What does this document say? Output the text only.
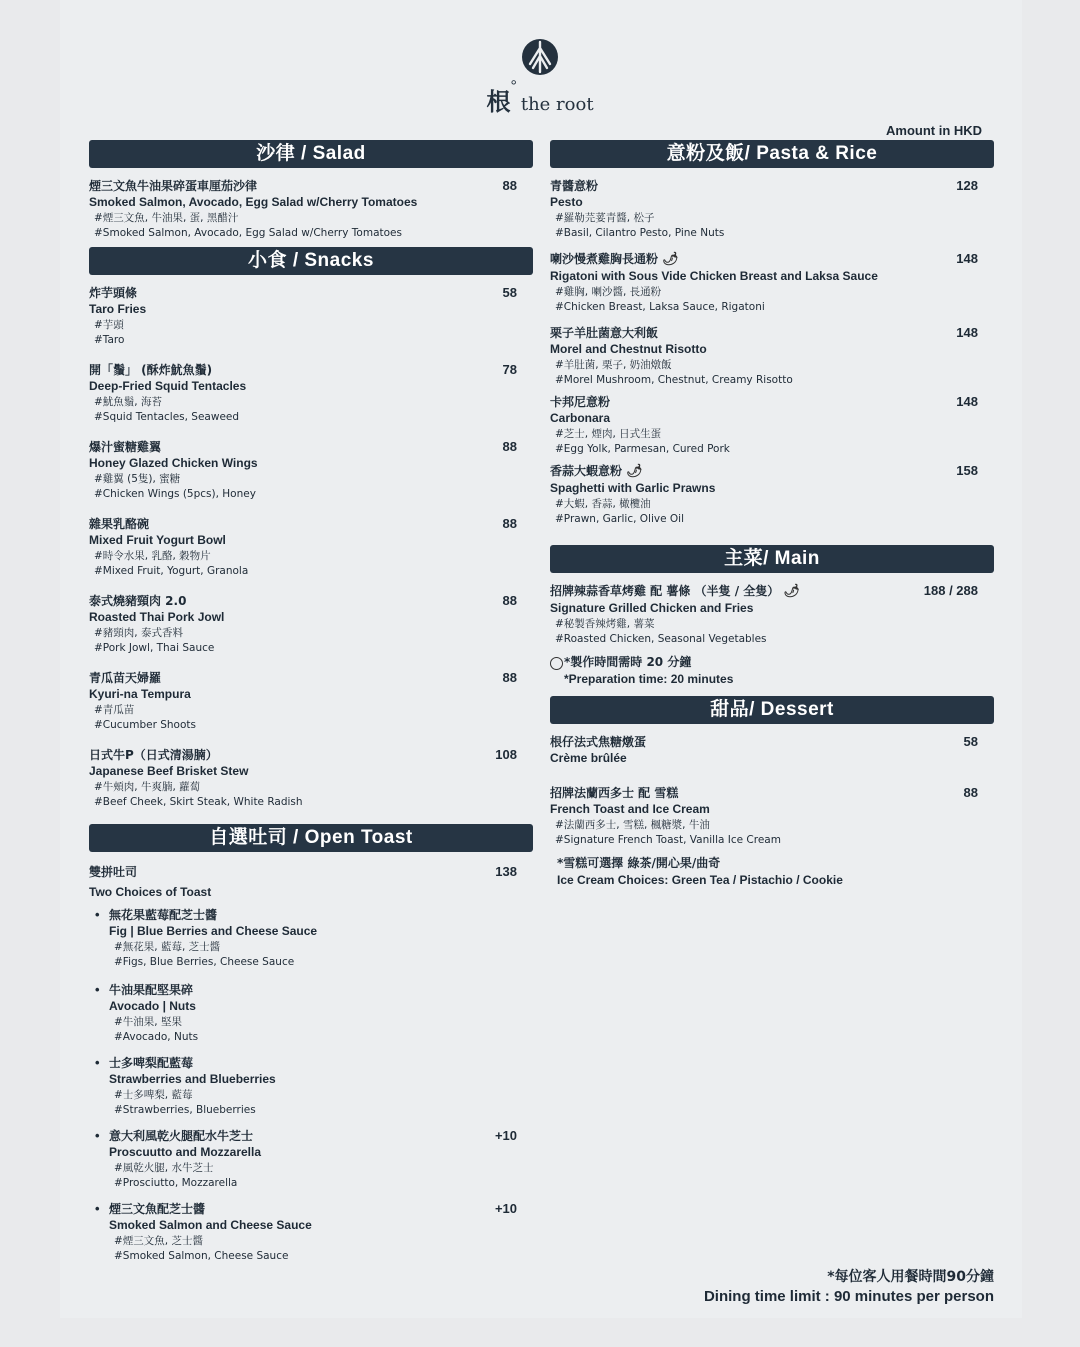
根°the root
Amount in HKD
沙律 / Salad
煙三文魚牛油果碎蛋車厘茄沙律
Smoked Salmon, Avocado, Egg Salad w/Cherry Tomatoes
#煙三文魚, 牛油果, 蛋, 黑醋汁
#Smoked Salmon, Avocado, Egg Salad w/Cherry Tomatoes
88
小食 / Snacks
炸芋頭條
Taro Fries
#芋頭
#Taro
58
開「鬚」 (酥炸魷魚鬚)
Deep-Fried Squid Tentacles
#魷魚鬚, 海苔
#Squid Tentacles, Seaweed
78
爆汁蜜糖雞翼
Honey Glazed Chicken Wings
#雞翼 (5隻), 蜜糖
#Chicken Wings (5pcs), Honey
88
雜果乳酪碗
Mixed Fruit Yogurt Bowl
#時令水果, 乳酪, 穀物片
#Mixed Fruit, Yogurt, Granola
88
泰式燒豬頸肉 2.0
Roasted Thai Pork Jowl
#豬頸肉, 泰式香料
#Pork Jowl, Thai Sauce
88
青瓜苗天婦羅
Kyuri-na Tempura
#青瓜苗
#Cucumber Shoots
88
日式牛P（日式清湯腩）
Japanese Beef Brisket Stew
#牛頰肉, 牛爽腩, 蘿蔔
#Beef Cheek, Skirt Steak, White Radish
108
自選吐司 / Open Toast
雙拼吐司
Two Choices of Toast
138
• 無花果藍莓配芝士醬
Fig | Blue Berries and Cheese Sauce
#無花果, 藍莓, 芝士醬
#Figs, Blue Berries, Cheese Sauce
• 牛油果配堅果碎
Avocado | Nuts
#牛油果, 堅果
#Avocado, Nuts
• 士多啤梨配藍莓
Strawberries and Blueberries
#士多啤梨, 藍莓
#Strawberries, Blueberries
• 意大利風乾火腿配水牛芝士
Proscuutto and Mozzarella
#風乾火腿, 水牛芝士
#Prosciutto, Mozzarella
+10
• 煙三文魚配芝士醬
Smoked Salmon and Cheese Sauce
#煙三文魚, 芝士醬
#Smoked Salmon, Cheese Sauce
+10
意粉及飯/ Pasta & Rice
青醬意粉
Pesto
#羅勒芫荽青醬, 松子
#Basil, Cilantro Pesto, Pine Nuts
128
喇沙慢煮雞胸長通粉 🌶
Rigatoni with Sous Vide Chicken Breast and Laksa Sauce
#雞胸, 喇沙醬, 長通粉
#Chicken Breast, Laksa Sauce, Rigatoni
148
栗子羊肚菌意大利飯
Morel and Chestnut Risotto
#羊肚菌, 栗子, 奶油燉飯
#Morel Mushroom, Chestnut, Creamy Risotto
148
卡邦尼意粉
Carbonara
#芝士, 煙肉, 日式生蛋
#Egg Yolk, Parmesan, Cured Pork
148
香蒜大蝦意粉 🌶
Spaghetti with Garlic Prawns
#大蝦, 香蒜, 橄欖油
#Prawn, Garlic, Olive Oil
158
主菜/ Main
招牌辣蒜香草烤雞 配 薯條 （半隻 / 全隻） 🌶
Signature Grilled Chicken and Fries
#秘製香辣烤雞, 薯菜
#Roasted Chicken, Seasonal Vegetables
188 / 288
*製作時間需時 20 分鐘
*Preparation time: 20 minutes
甜品/ Dessert
根仔法式焦糖燉蛋
Crème brûlée
58
招牌法蘭西多士 配 雪糕
French Toast and Ice Cream
#法蘭西多士, 雪糕, 楓糖漿, 牛油
#Signature French Toast, Vanilla Ice Cream
88
*雪糕可選擇 綠茶/開心果/曲奇
Ice Cream Choices: Green Tea / Pistachio / Cookie
*每位客人用餐時間90分鐘
Dining time limit : 90 minutes per person
